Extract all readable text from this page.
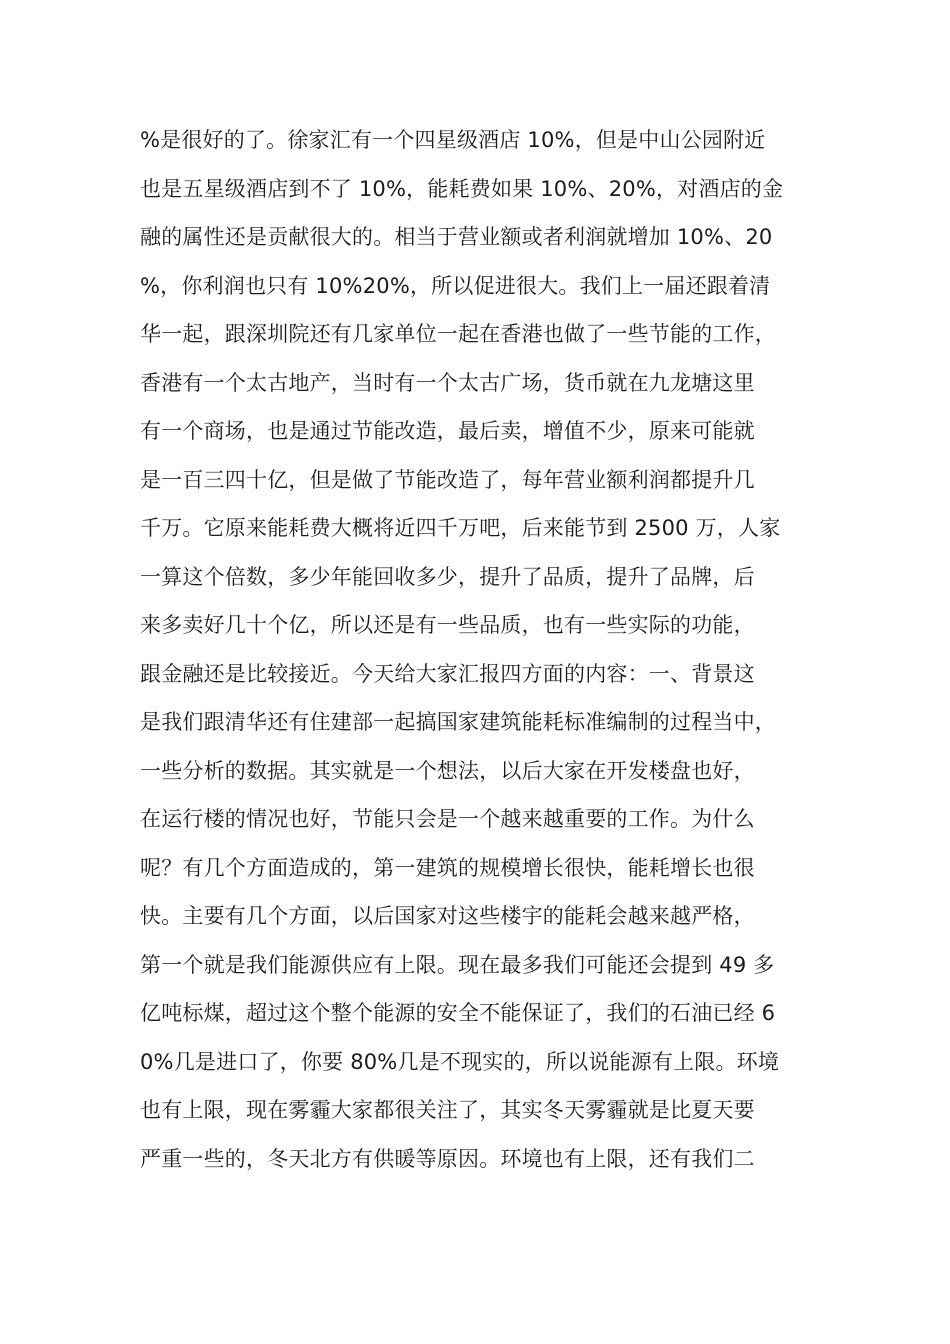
%是很好的了。徐家汇有一个四星级酒店 10%，但是中山公园附近
也是五星级酒店到不了 10%，能耗费如果 10%、20%，对酒店的金
融的属性还是贡献很大的。相当于营业额或者利润就增加 10%、20
%，你利润也只有 10%20%，所以促进很大。我们上一届还跟着清
华一起，跟深圳院还有几家单位一起在香港也做了一些节能的工作，
香港有一个太古地产，当时有一个太古广场，货币就在九龙塘这里
有一个商场，也是通过节能改造，最后卖，增值不少，原来可能就
是一百三四十亿，但是做了节能改造了，每年营业额利润都提升几
千万。它原来能耗费大概将近四千万吧，后来能节到 2500 万，人家
一算这个倍数，多少年能回收多少，提升了品质，提升了品牌，后
来多卖好几十个亿，所以还是有一些品质，也有一些实际的功能，
跟金融还是比较接近。今天给大家汇报四方面的内容：一、背景这
是我们跟清华还有住建部一起搞国家建筑能耗标准编制的过程当中，
一些分析的数据。其实就是一个想法，以后大家在开发楼盘也好，
在运行楼的情况也好，节能只会是一个越来越重要的工作。为什么
呢？有几个方面造成的，第一建筑的规模增长很快，能耗增长也很
快。主要有几个方面，以后国家对这些楼宇的能耗会越来越严格，
第一个就是我们能源供应有上限。现在最多我们可能还会提到 49 多
亿吨标煤，超过这个整个能源的安全不能保证了，我们的石油已经 6
0%几是进口了，你要 80%几是不现实的，所以说能源有上限。环境
也有上限，现在雾霾大家都很关注了，其实冬天雾霾就是比夏天要
严重一些的，冬天北方有供暖等原因。环境也有上限，还有我们二
